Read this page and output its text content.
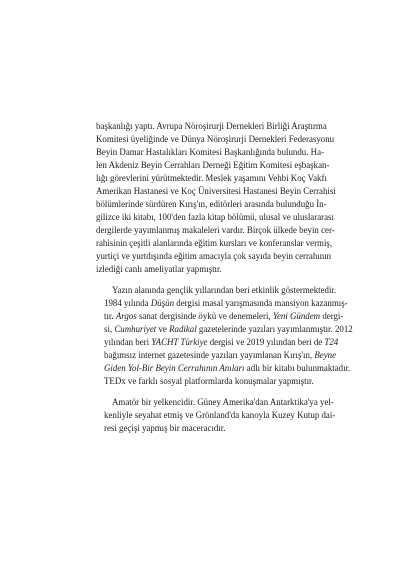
başkanlığı yaptı. Avrupa Nöroşirurji Dernekleri Birliği Araştırma
Komitesi üyeliğinde ve Dünya Nöroşirurji Dernekleri Federasyonu
Beyin Damar Hastalıkları Komitesi Başkanlığında bulundu. Ha-
len Akdeniz Beyin Cerrahları Derneği Eğitim Komitesi eşbaşkan-
lığı görevlerini yürütmektedir. Meslek yaşamını Vehbi Koç Vakfı
Amerikan Hastanesi ve Koç Üniversitesi Hastanesi Beyin Cerrahisi
bölümlerinde sürdüren Kırış'ın, editörleri arasında bulunduğu İn-
gilizce iki kitabı, 100'den fazla kitap bölümü, ulusal ve uluslararası
dergilerde yayımlanmış makaleleri vardır. Birçok ülkede beyin cer-
rahisinin çeşitli alanlarında eğitim kursları ve konferanslar vermiş,
yurtiçi ve yurtdışında eğitim amacıyla çok sayıda beyin cerrahının
izlediği canlı ameliyatlar yapmıştır.
Yazın alanında gençlik yıllarından beri etkinlik göstermektedir.
1984 yılında Düşün dergisi masal yarışmasında mansiyon kazanmış-
tır. Argos sanat dergisinde öykü ve denemeleri, Yeni Gündem dergi-
si, Cumhuriyet ve Radikal gazetelerinde yazıları yayımlanmıştır. 2012
yılından beri YACHT Türkiye dergisi ve 2019 yılından beri de T24
bağımsız internet gazetesinde yazıları yayımlanan Kırış'ın, Beyne
Giden Yol-Bir Beyin Cerrahının Anıları adlı bir kitabı bulunmaktadır.
TEDx ve farklı sosyal platformlarda konuşmalar yapmıştır.
Amatör bir yelkencidir. Güney Amerika'dan Antarktika'ya yel-
kenliyle seyahat etmiş ve Grönland'da kanoyla Kuzey Kutup dai-
resi geçişi yapmış bir maceracıdır.
